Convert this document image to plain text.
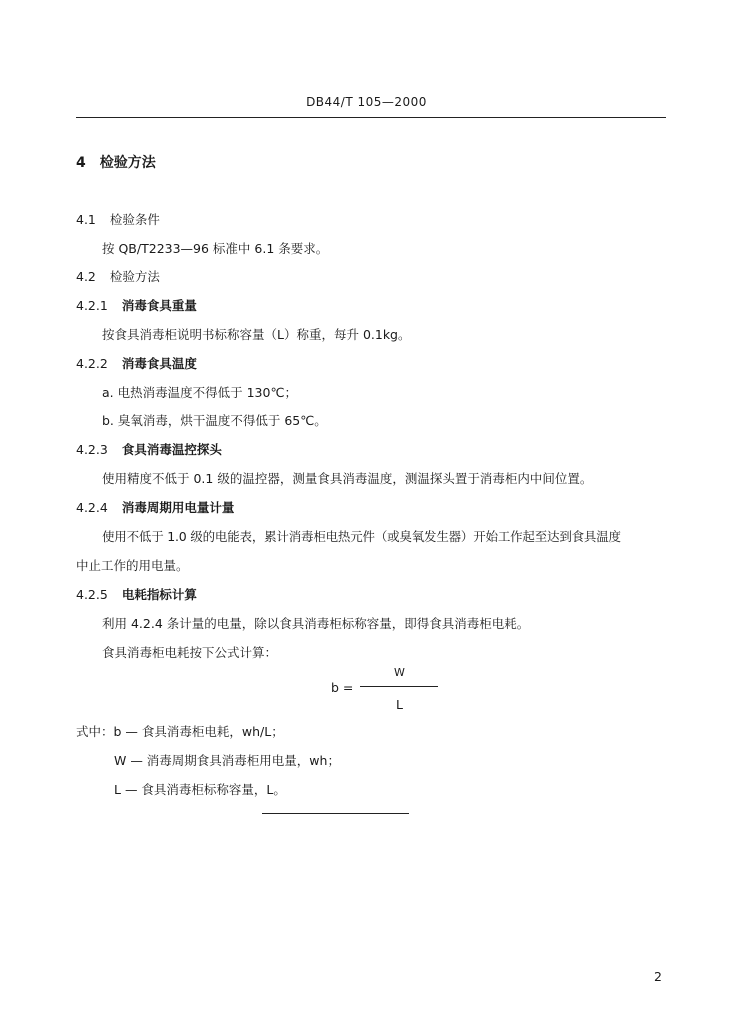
DB44/T 105—2000
4 检验方法
4.1 检验条件
按 QB/T2233—96 标准中 6.1 条要求。
4.2 检验方法
4.2.1 消毒食具重量
按食具消毒柜说明书标称容量（L）称重，每升 0.1kg。
4.2.2 消毒食具温度
a. 电热消毒温度不得低于 130℃；
b. 臭氧消毒，烘干温度不得低于 65℃。
4.2.3 食具消毒温控探头
使用精度不低于 0.1 级的温控器，测量食具消毒温度，测温探头置于消毒柜内中间位置。
4.2.4 消毒周期用电量计量
使用不低于 1.0 级的电能表，累计消毒柜电热元件（或臭氧发生器）开始工作起至达到食具温度
中止工作的用电量。
4.2.5 电耗指标计算
利用 4.2.4 条计量的电量，除以食具消毒柜标称容量，即得食具消毒柜电耗。
食具消毒柜电耗按下公式计算：
b =
W
L
式中：b — 食具消毒柜电耗，wh/L；
W — 消毒周期食具消毒柜用电量，wh；
L — 食具消毒柜标称容量，L。
2
